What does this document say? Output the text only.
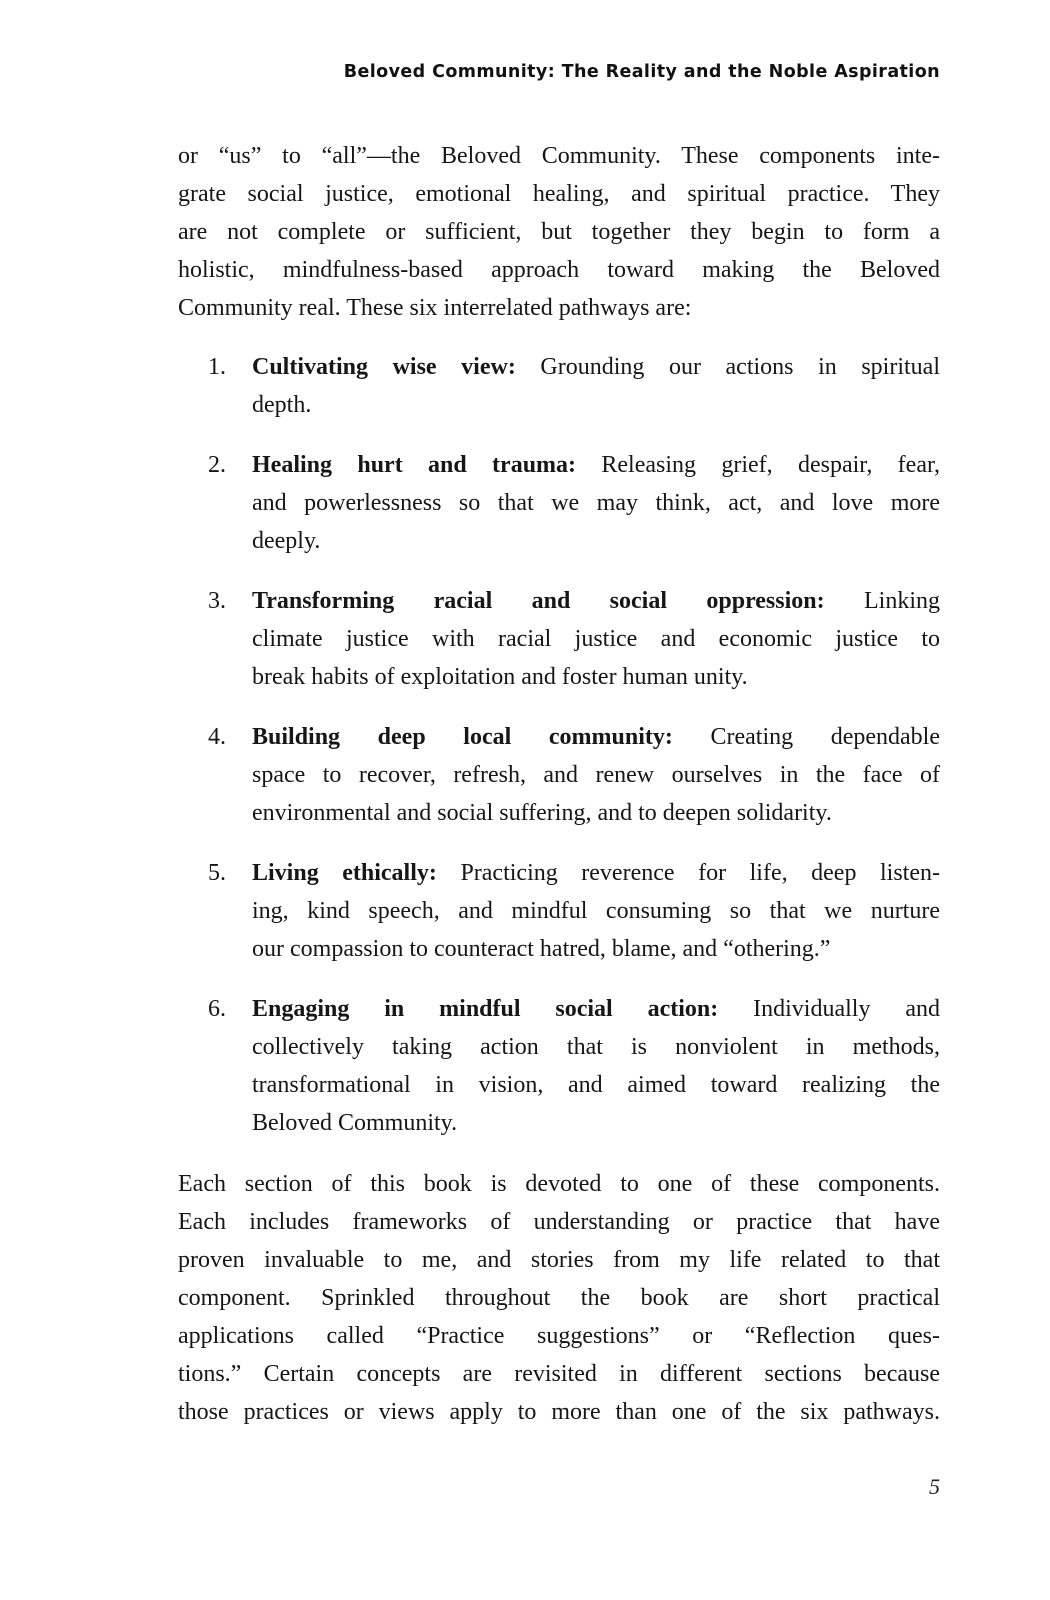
Beloved Community: The Reality and the Noble Aspiration
or “us” to “all”—the Beloved Community. These components inte-
grate social justice, emotional healing, and spiritual practice. They
are not complete or sufficient, but together they begin to form a
holistic, mindfulness-based approach toward making the Beloved
Community real. These six interrelated pathways are:
1. Cultivating wise view: Grounding our actions in spiritual
depth.
2. Healing hurt and trauma: Releasing grief, despair, fear,
and powerlessness so that we may think, act, and love more
deeply.
3. Transforming racial and social oppression: Linking
climate justice with racial justice and economic justice to
break habits of exploitation and foster human unity.
4. Building deep local community: Creating dependable
space to recover, refresh, and renew ourselves in the face of
environmental and social suffering, and to deepen solidarity.
5. Living ethically: Practicing reverence for life, deep listen-
ing, kind speech, and mindful consuming so that we nurture
our compassion to counteract hatred, blame, and “othering.”
6. Engaging in mindful social action: Individually and
collectively taking action that is nonviolent in methods,
transformational in vision, and aimed toward realizing the
Beloved Community.
Each section of this book is devoted to one of these components.
Each includes frameworks of understanding or practice that have
proven invaluable to me, and stories from my life related to that
component. Sprinkled throughout the book are short practical
applications called “Practice suggestions” or “Reflection ques-
tions.” Certain concepts are revisited in different sections because
those practices or views apply to more than one of the six pathways.
5
